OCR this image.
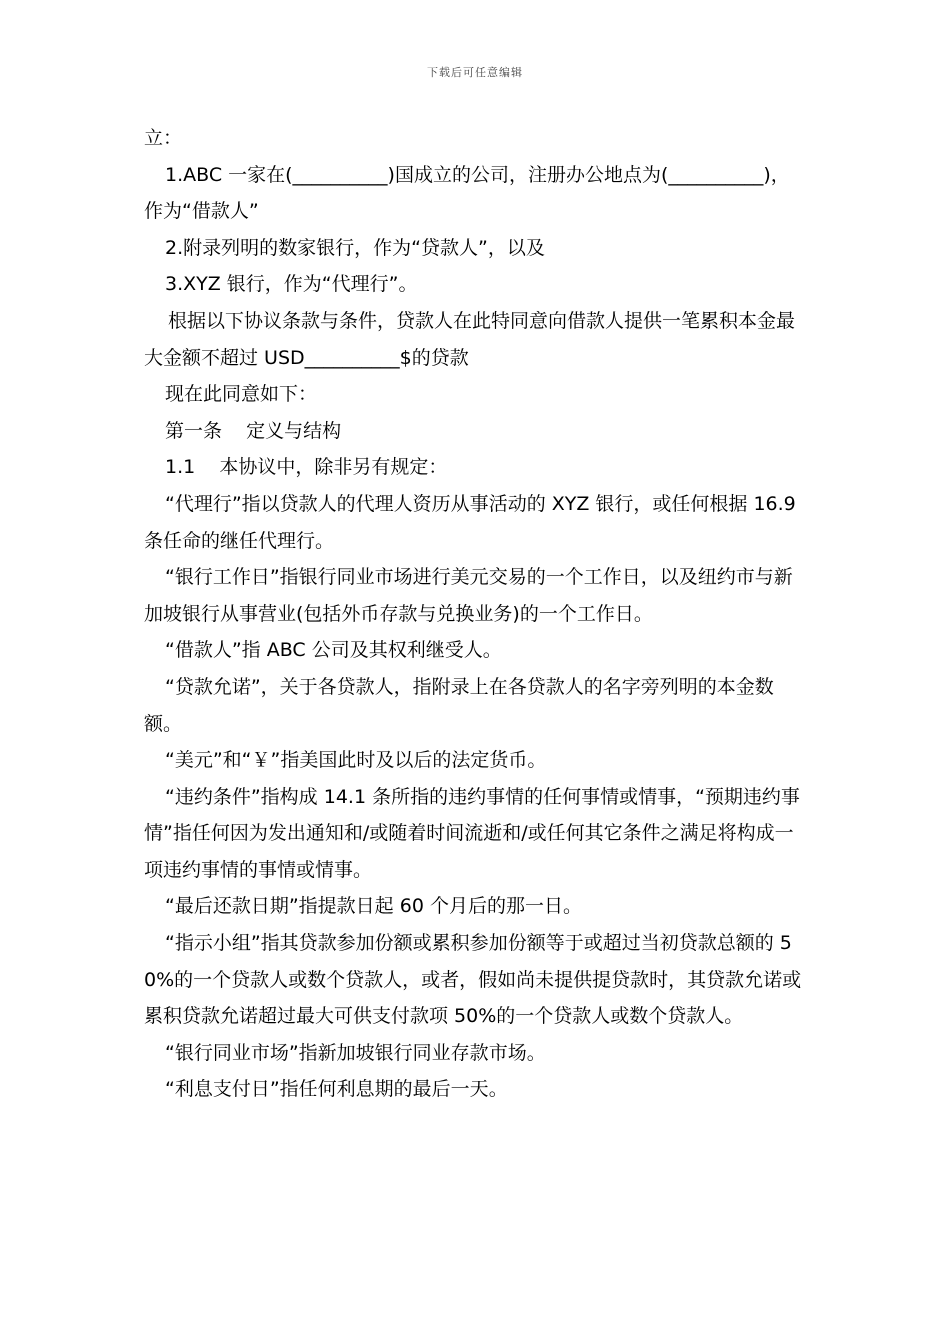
下载后可任意编辑

立：

1.ABC 一家在(__________)国成立的公司，注册办公地点为(__________)，作为“借款人”

2.附录列明的数家银行，作为“贷款人”，以及

3.XYZ 银行，作为“代理行”。

根据以下协议条款与条件，贷款人在此特同意向借款人提供一笔累积本金最大金额不超过 USD__________$的贷款

现在此同意如下：

第一条    定义与结构

1.1    本协议中，除非另有规定：

“代理行”指以贷款人的代理人资历从事活动的 XYZ 银行，或任何根据 16.9 条任命的继任代理行。

“银行工作日”指银行同业市场进行美元交易的一个工作日，以及纽约市与新加坡银行从事营业(包括外币存款与兑换业务)的一个工作日。

“借款人”指 ABC 公司及其权利继受人。

“贷款允诺”，关于各贷款人，指附录上在各贷款人的名字旁列明的本金数额。

“美元”和“￥”指美国此时及以后的法定货币。

“违约条件”指构成 14.1 条所指的违约事情的任何事情或情事，“预期违约事情”指任何因为发出通知和/或随着时间流逝和/或任何其它条件之满足将构成一项违约事情的事情或情事。

“最后还款日期”指提款日起 60 个月后的那一日。

“指示小组”指其贷款参加份额或累积参加份额等于或超过当初贷款总额的 50%的一个贷款人或数个贷款人，或者，假如尚未提供提贷款时，其贷款允诺或累积贷款允诺超过最大可供支付款项 50%的一个贷款人或数个贷款人。

“银行同业市场”指新加坡银行同业存款市场。

“利息支付日”指任何利息期的最后一天。
